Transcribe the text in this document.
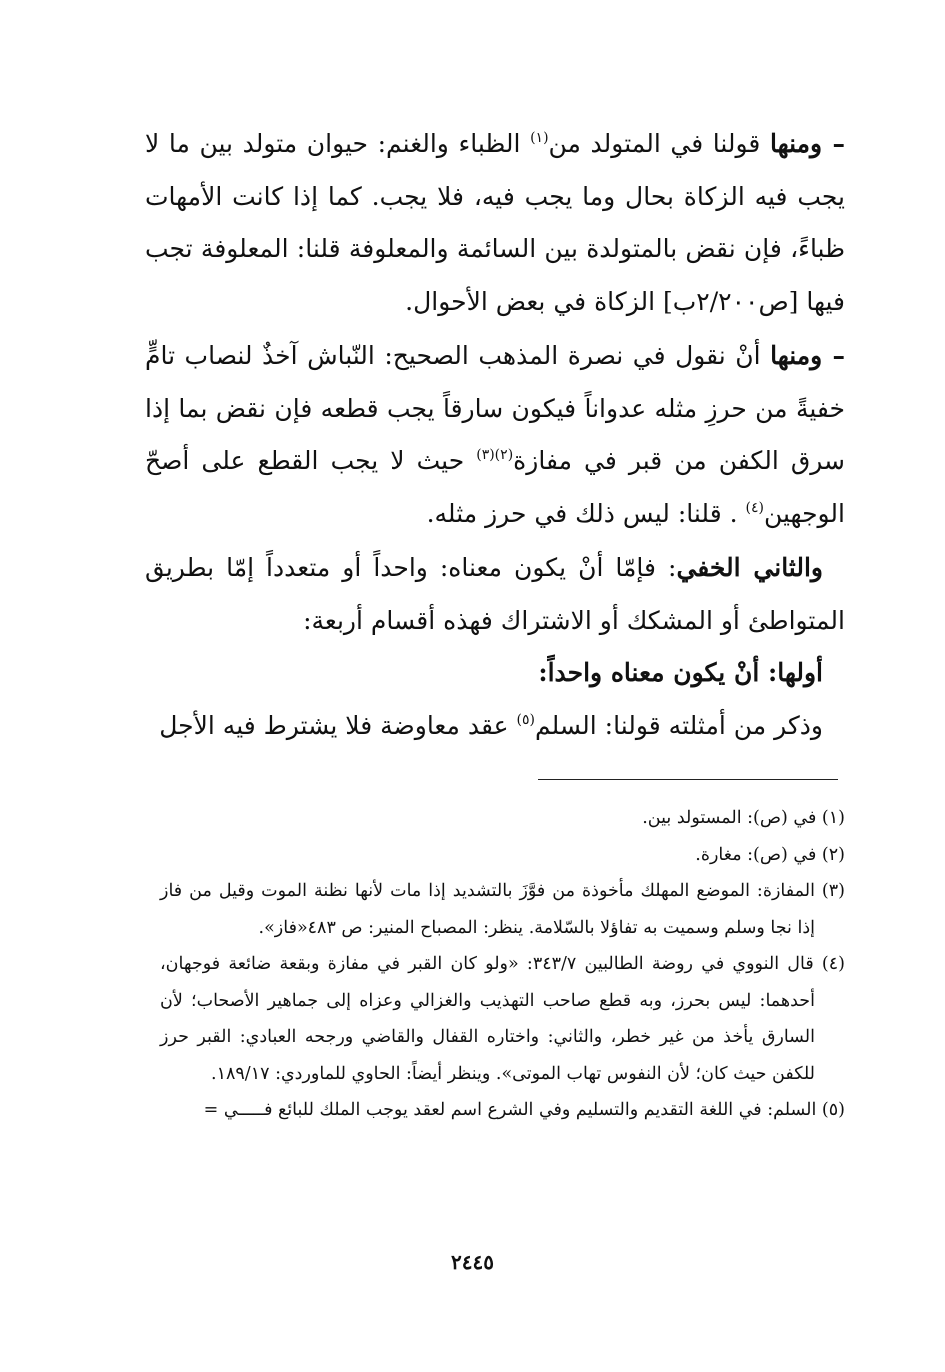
– ومنها قولنا في المتولد من$^{(١)}$ الظباء والغنم: حيوان متولد بين ما لا يجب فيه الزكاة بحال وما يجب فيه، فلا يجب. كما إذا كانت الأمهات ظباءً، فإن نقض بالمتولدة بين السائمة والمعلوفة قلنا: المعلوفة تجب فيها [ص٢/٢٠٠ب] الزكاة في بعض الأحوال.

– ومنها أنْ نقول في نصرة المذهب الصحيح: النّباش آخذٌ لنصاب تامٍّ خفيةً من حرزِ مثله عدواناً فيكون سارقاً يجب قطعه فإن نقض بما إذا سرق الكفن من قبر في مفازة$^{(٢)(٣)}$ حيث لا يجب القطع على أصحّ الوجهين$^{(٤)}$ . قلنا: ليس ذلك في حرز مثله.

والثاني الخفي: فإمّا أنْ يكون معناه: واحداً أو متعدداً إمّا بطريق المتواطئ أو المشكك أو الاشتراك فهذه أقسام أربعة:

أولها: أنْ يكون معناه واحداً:

وذكر من أمثلته قولنا: السلم$^{(٥)}$ عقد معاوضة فلا يشترط فيه الأجل

(١) في (ص): المستولد بين.

(٢) في (ص): مغارة.

(٣) المفازة: الموضع المهلك مأخوذة من فوَّزَ بالتشديد إذا مات لأنها نظنة الموت وقيل من فاز إذا نجا وسلم وسميت به تفاؤلا بالسّلامة. ينظر: المصباح المنير: ص ٤٨٣«فاز».

(٤) قال النووي في روضة الطالبين ٣٤٣/٧: «ولو كان القبر في مفازة وبقعة ضائعة فوجهان، أحدهما: ليس بحرز، وبه قطع صاحب التهذيب والغزالي وعزاه إلى جماهير الأصحاب؛ لأن السارق يأخذ من غير خطر، والثاني: واختاره القفال والقاضي ورجحه العبادي: القبر حرز للكفن حيث كان؛ لأن النفوس تهاب الموتى». وينظر أيضاً: الحاوي للماوردي: ١٨٩/١٧.

(٥) السلم: في اللغة التقديم والتسليم وفي الشرع اسم لعقد يوجب الملك للبائع فـــــي =

٢٤٤٥
